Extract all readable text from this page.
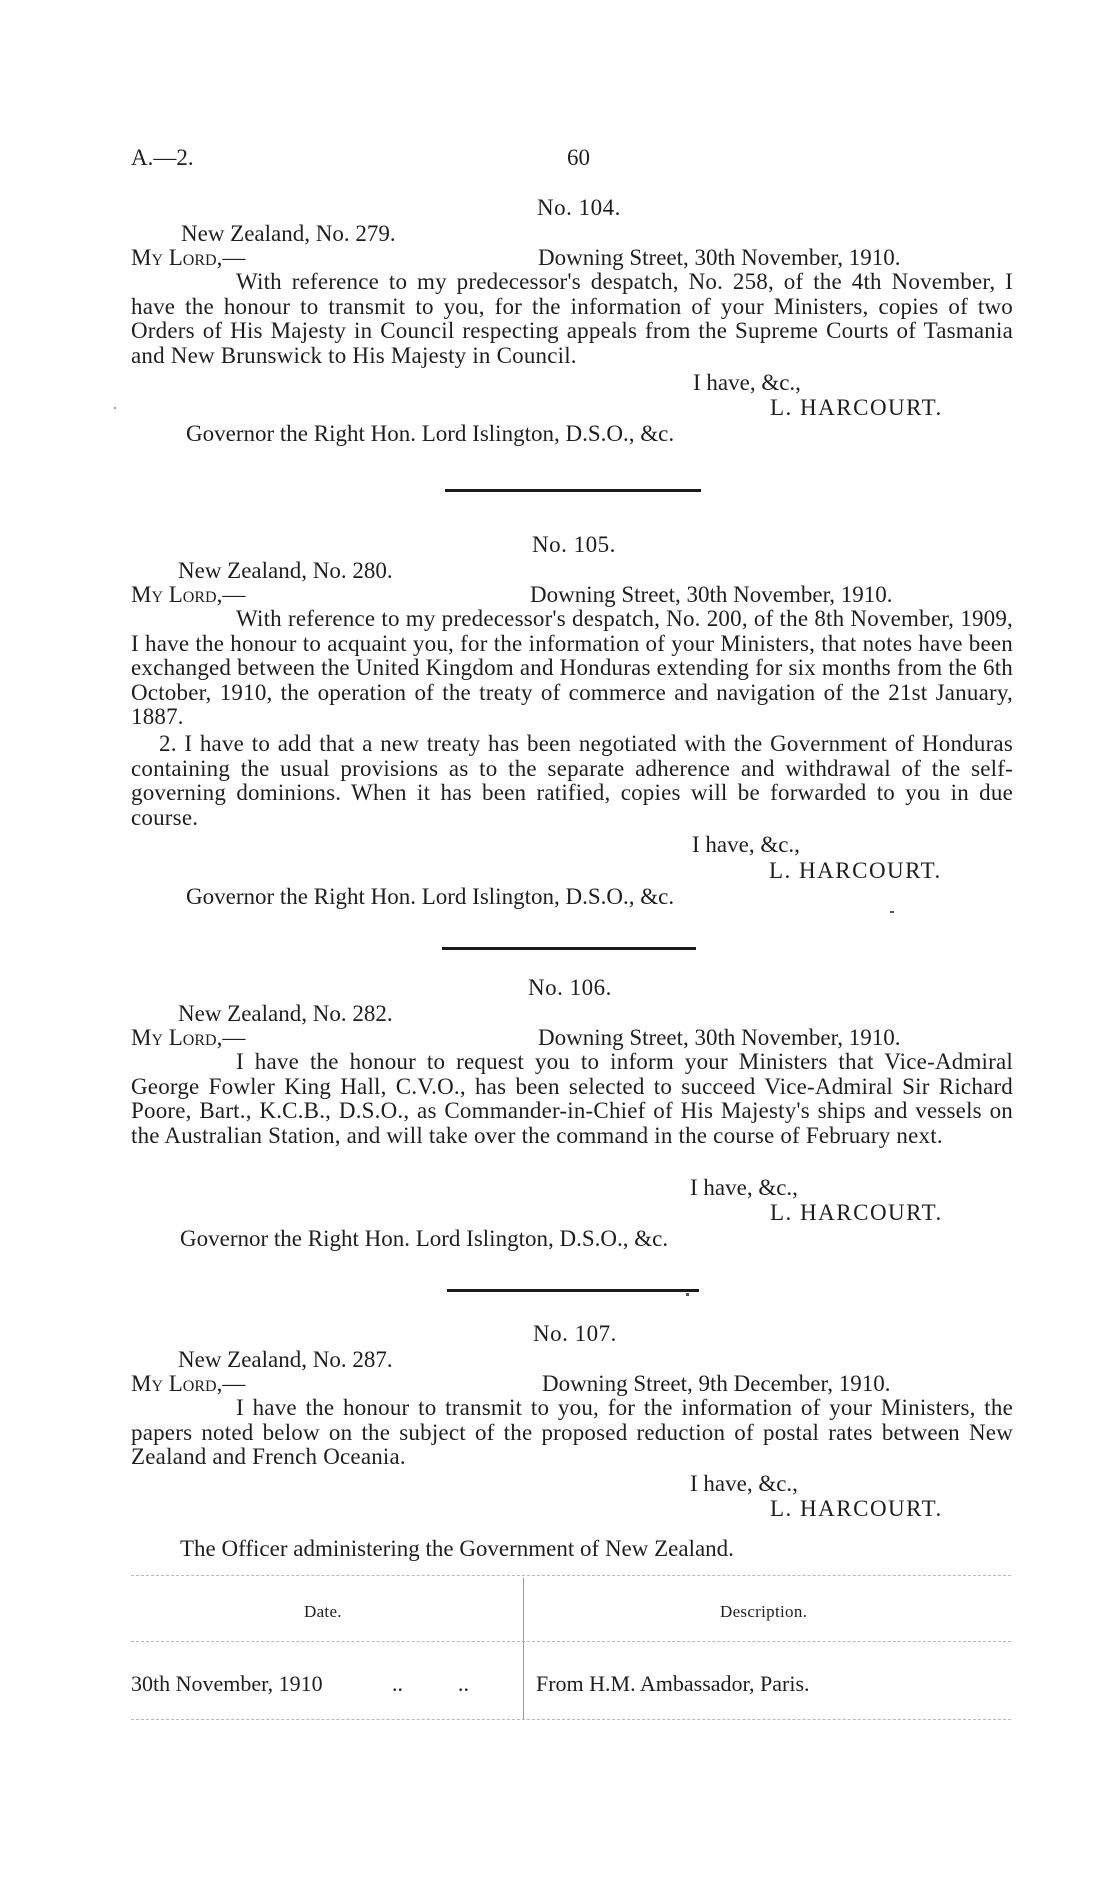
A.—2.	60
No. 104.
New Zealand, No. 279.
My Lord,—	Downing Street, 30th November, 1910.
With reference to my predecessor's despatch, No. 258, of the 4th November, I have the honour to transmit to you, for the information of your Ministers, copies of two Orders of His Majesty in Council respecting appeals from the Supreme Courts of Tasmania and New Brunswick to His Majesty in Council.
I have, &c.,
L. HARCOURT.
Governor the Right Hon. Lord Islington, D.S.O., &c.
No. 105.
New Zealand, No. 280.
My Lord,—	Downing Street, 30th November, 1910.
With reference to my predecessor's despatch, No. 200, of the 8th November, 1909, I have the honour to acquaint you, for the information of your Ministers, that notes have been exchanged between the United Kingdom and Honduras extending for six months from the 6th October, 1910, the operation of the treaty of commerce and navigation of the 21st January, 1887.
2. I have to add that a new treaty has been negotiated with the Government of Honduras containing the usual provisions as to the separate adherence and withdrawal of the self-governing dominions. When it has been ratified, copies will be forwarded to you in due course.
I have, &c.,
L. HARCOURT.
Governor the Right Hon. Lord Islington, D.S.O., &c.
No. 106.
New Zealand, No. 282.
My Lord,—	Downing Street, 30th November, 1910.
I have the honour to request you to inform your Ministers that Vice-Admiral George Fowler King Hall, C.V.O., has been selected to succeed Vice-Admiral Sir Richard Poore, Bart., K.C.B., D.S.O., as Commander-in-Chief of His Majesty's ships and vessels on the Australian Station, and will take over the command in the course of February next.
I have, &c.,
L. HARCOURT.
Governor the Right Hon. Lord Islington, D.S.O., &c.
No. 107.
New Zealand, No. 287.
My Lord,—	Downing Street, 9th December, 1910.
I have the honour to transmit to you, for the information of your Ministers, the papers noted below on the subject of the proposed reduction of postal rates between New Zealand and French Oceania.
I have, &c.,
L. HARCOURT.
The Officer administering the Government of New Zealand.
Date.	Description.
30th November, 1910	..          ..	From H.M. Ambassador, Paris.
